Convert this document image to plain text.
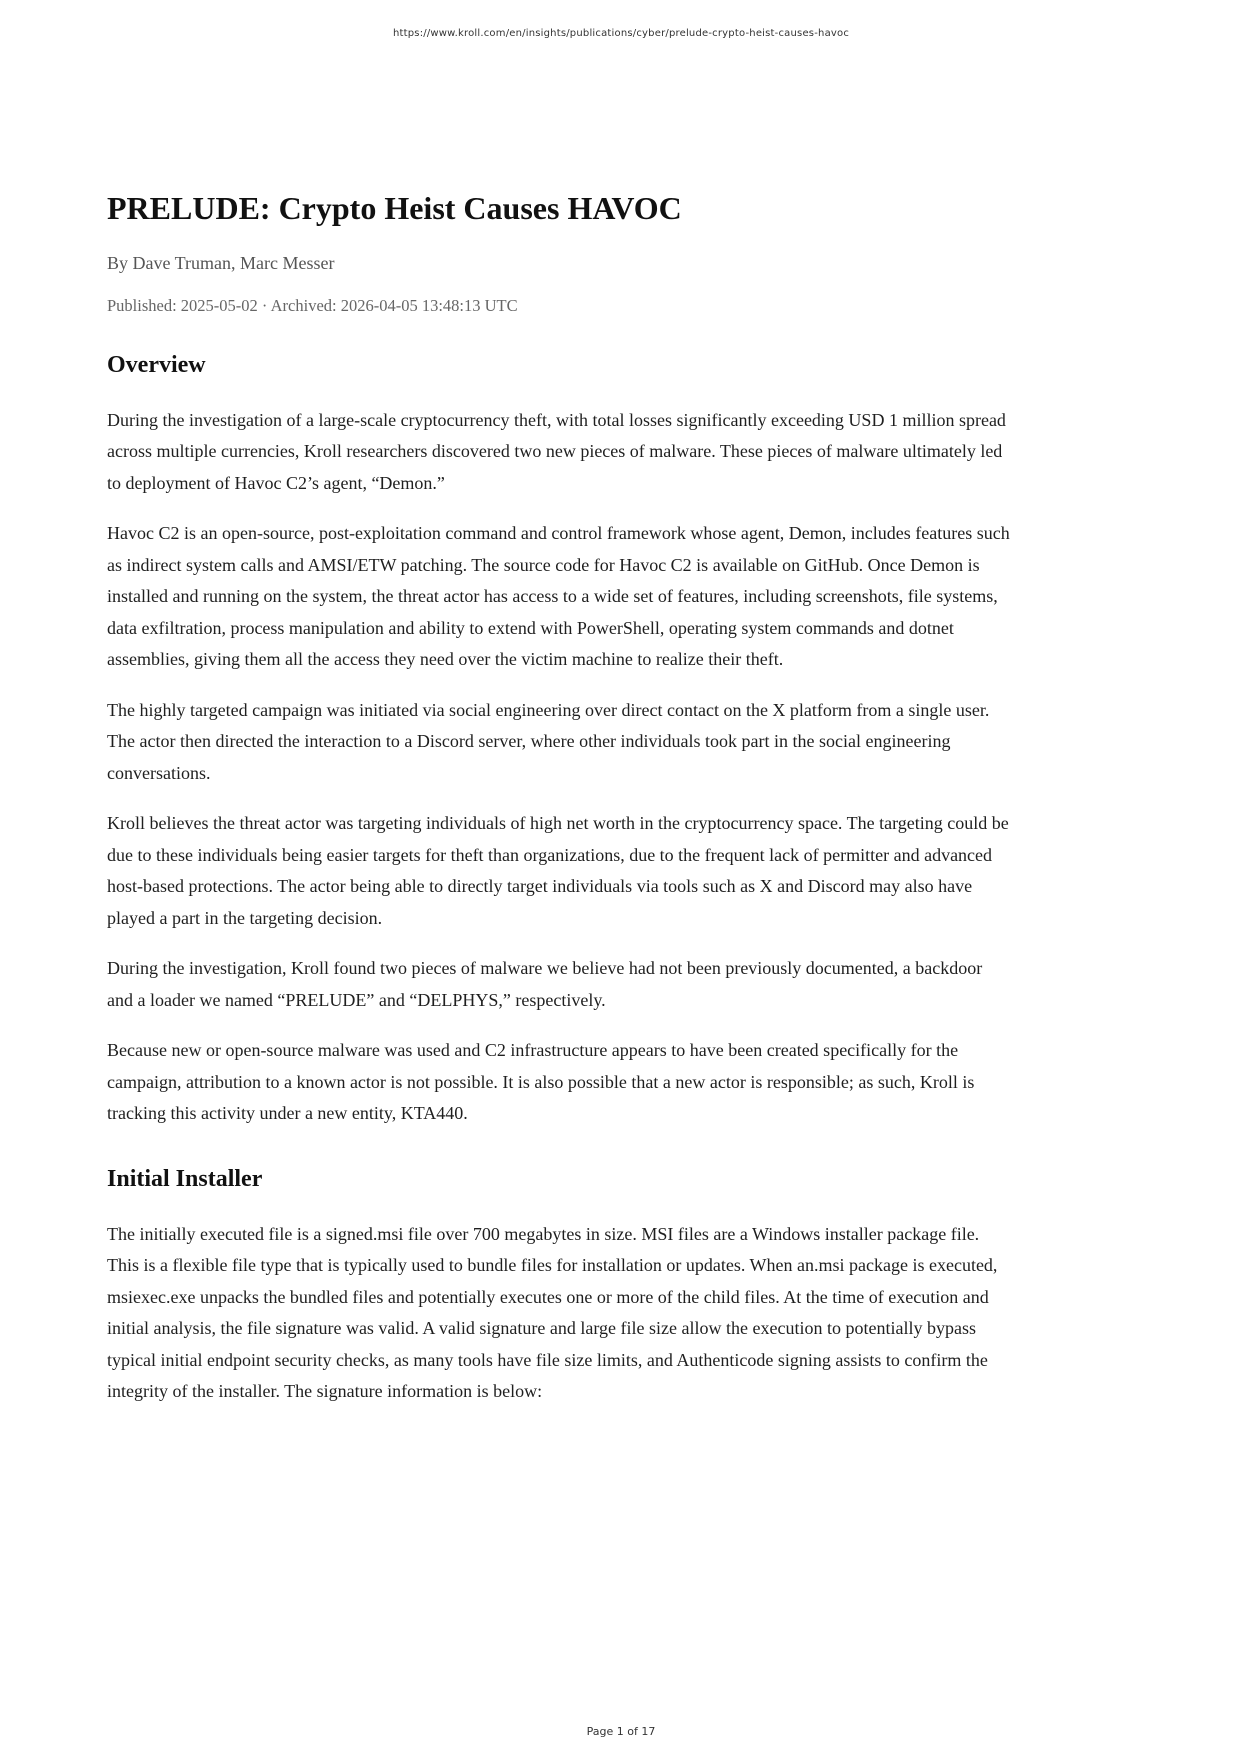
https://www.kroll.com/en/insights/publications/cyber/prelude-crypto-heist-causes-havoc
PRELUDE: Crypto Heist Causes HAVOC

By Dave Truman, Marc Messer

Published: 2025-05-02 · Archived: 2026-04-05 13:48:13 UTC

Overview

During the investigation of a large-scale cryptocurrency theft, with total losses significantly exceeding USD 1 million spread across multiple currencies, Kroll researchers discovered two new pieces of malware. These pieces of malware ultimately led to deployment of Havoc C2’s agent, “Demon.”

Havoc C2 is an open-source, post-exploitation command and control framework whose agent, Demon, includes features such as indirect system calls and AMSI/ETW patching. The source code for Havoc C2 is available on GitHub. Once Demon is installed and running on the system, the threat actor has access to a wide set of features, including screenshots, file systems, data exfiltration, process manipulation and ability to extend with PowerShell, operating system commands and dotnet assemblies, giving them all the access they need over the victim machine to realize their theft.

The highly targeted campaign was initiated via social engineering over direct contact on the X platform from a single user. The actor then directed the interaction to a Discord server, where other individuals took part in the social engineering conversations.

Kroll believes the threat actor was targeting individuals of high net worth in the cryptocurrency space. The targeting could be due to these individuals being easier targets for theft than organizations, due to the frequent lack of permitter and advanced host-based protections. The actor being able to directly target individuals via tools such as X and Discord may also have played a part in the targeting decision.

During the investigation, Kroll found two pieces of malware we believe had not been previously documented, a backdoor and a loader we named “PRELUDE” and “DELPHYS,” respectively.

Because new or open-source malware was used and C2 infrastructure appears to have been created specifically for the campaign, attribution to a known actor is not possible. It is also possible that a new actor is responsible; as such, Kroll is tracking this activity under a new entity, KTA440.

Initial Installer

The initially executed file is a signed.msi file over 700 megabytes in size. MSI files are a Windows installer package file. This is a flexible file type that is typically used to bundle files for installation or updates. When an.msi package is executed, msiexec.exe unpacks the bundled files and potentially executes one or more of the child files. At the time of execution and initial analysis, the file signature was valid. A valid signature and large file size allow the execution to potentially bypass typical initial endpoint security checks, as many tools have file size limits, and Authenticode signing assists to confirm the integrity of the installer. The signature information is below:

Page 1 of 17
